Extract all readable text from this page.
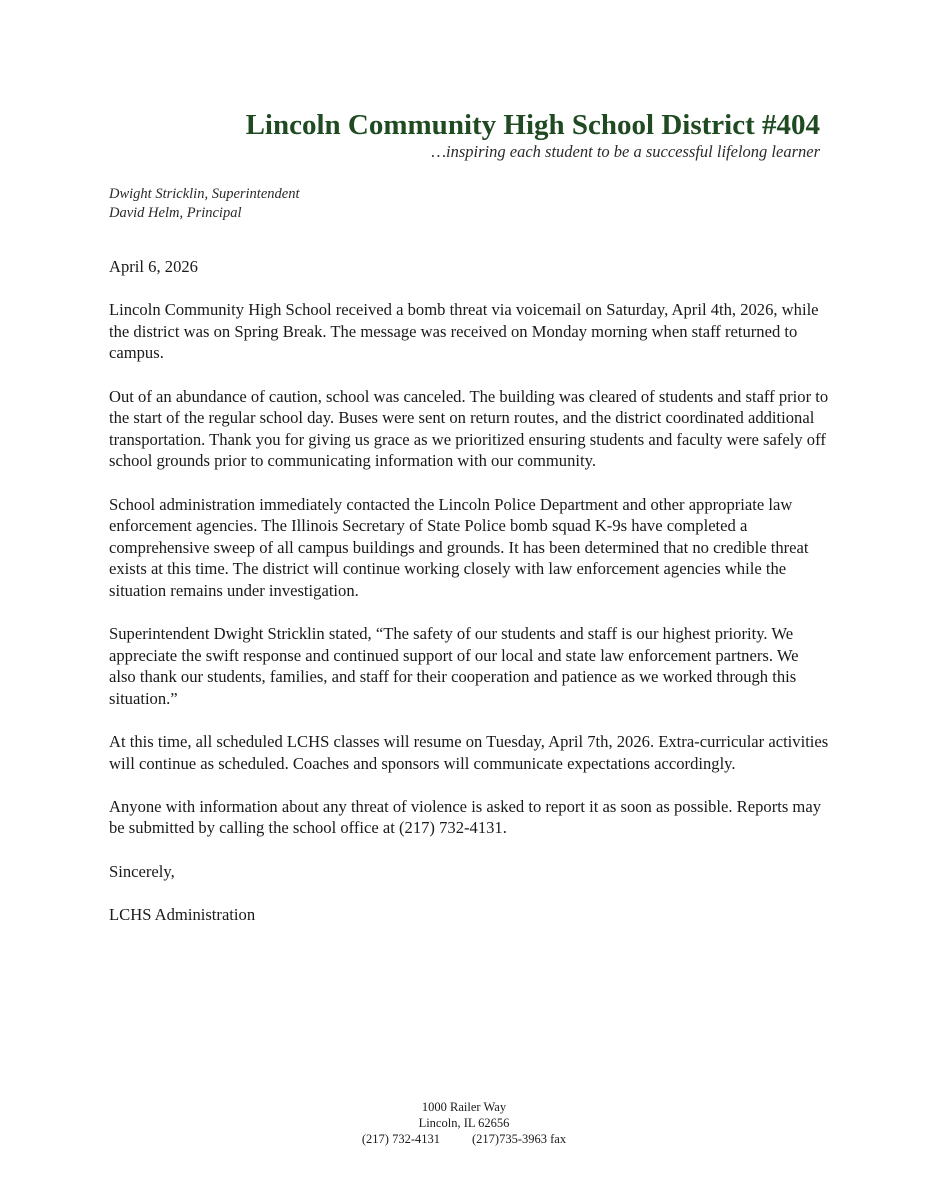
Lincoln Community High School District #404
…inspiring each student to be a successful lifelong learner
Dwight Stricklin, Superintendent
David Helm, Principal

April 6, 2026

Lincoln Community High School received a bomb threat via voicemail on Saturday, April 4th, 2026, while the district was on Spring Break. The message was received on Monday morning when staff returned to campus.

Out of an abundance of caution, school was canceled. The building was cleared of students and staff prior to the start of the regular school day. Buses were sent on return routes, and the district coordinated additional transportation. Thank you for giving us grace as we prioritized ensuring students and faculty were safely off school grounds prior to communicating information with our community.

School administration immediately contacted the Lincoln Police Department and other appropriate law enforcement agencies. The Illinois Secretary of State Police bomb squad K-9s have completed a comprehensive sweep of all campus buildings and grounds. It has been determined that no credible threat exists at this time. The district will continue working closely with law enforcement agencies while the situation remains under investigation.

Superintendent Dwight Stricklin stated, “The safety of our students and staff is our highest priority. We appreciate the swift response and continued support of our local and state law enforcement partners. We also thank our students, families, and staff for their cooperation and patience as we worked through this situation.”

At this time, all scheduled LCHS classes will resume on Tuesday, April 7th, 2026. Extra-curricular activities will continue as scheduled. Coaches and sponsors will communicate expectations accordingly.

Anyone with information about any threat of violence is asked to report it as soon as possible. Reports may be submitted by calling the school office at (217) 732-4131.

Sincerely,

LCHS Administration

1000 Railer Way
Lincoln, IL 62656
(217) 732-4131	(217)735-3963 fax
